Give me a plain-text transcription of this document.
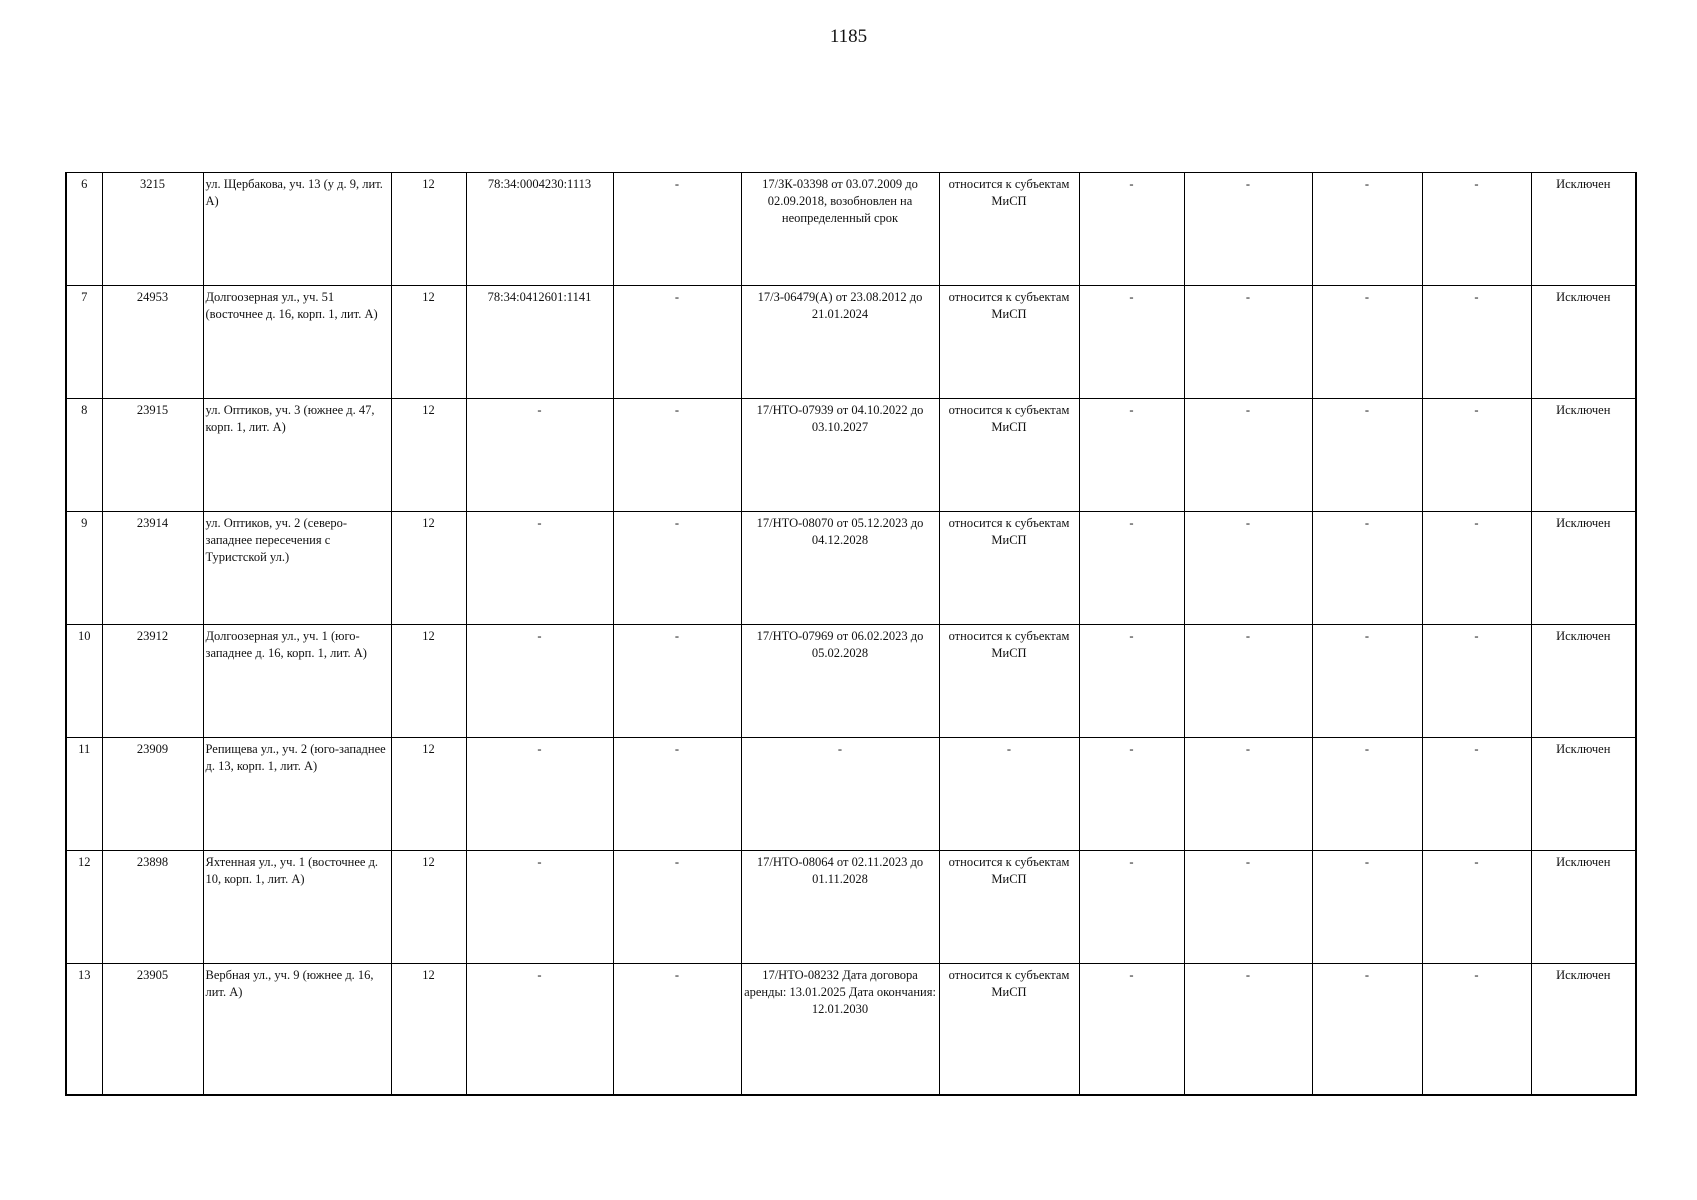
1185
6	3215	ул. Щербакова, уч. 13 (у д. 9, лит. А)	12	78:34:0004230:1113	-	17/ЗК-03398 от 03.07.2009 до 02.09.2018, возобновлен на неопределенный срок	относится к субъектам МиСП	-	-	-	-	Исключен
7	24953	Долгоозерная ул., уч. 51 (восточнее д. 16, корп. 1, лит. А)	12	78:34:0412601:1141	-	17/З-06479(А) от 23.08.2012 до 21.01.2024	относится к субъектам МиСП	-	-	-	-	Исключен
8	23915	ул. Оптиков, уч. 3 (южнее д. 47, корп. 1, лит. А)	12	-	-	17/НТО-07939 от 04.10.2022 до 03.10.2027	относится к субъектам МиСП	-	-	-	-	Исключен
9	23914	ул. Оптиков, уч. 2 (северо-западнее пересечения с Туристской ул.)	12	-	-	17/НТО-08070 от 05.12.2023 до 04.12.2028	относится к субъектам МиСП	-	-	-	-	Исключен
10	23912	Долгоозерная ул., уч. 1 (юго-западнее д. 16, корп. 1, лит. А)	12	-	-	17/НТО-07969 от 06.02.2023 до 05.02.2028	относится к субъектам МиСП	-	-	-	-	Исключен
11	23909	Репищева ул., уч. 2 (юго-западнее д. 13, корп. 1, лит. А)	12	-	-	-	-	-	-	-	-	Исключен
12	23898	Яхтенная ул., уч. 1 (восточнее д. 10, корп. 1, лит. А)	12	-	-	17/НТО-08064 от 02.11.2023 до 01.11.2028	относится к субъектам МиСП	-	-	-	-	Исключен
13	23905	Вербная ул., уч. 9 (южнее д. 16, лит. А)	12	-	-	17/НТО-08232 Дата договора аренды: 13.01.2025 Дата окончания: 12.01.2030	относится к субъектам МиСП	-	-	-	-	Исключен
